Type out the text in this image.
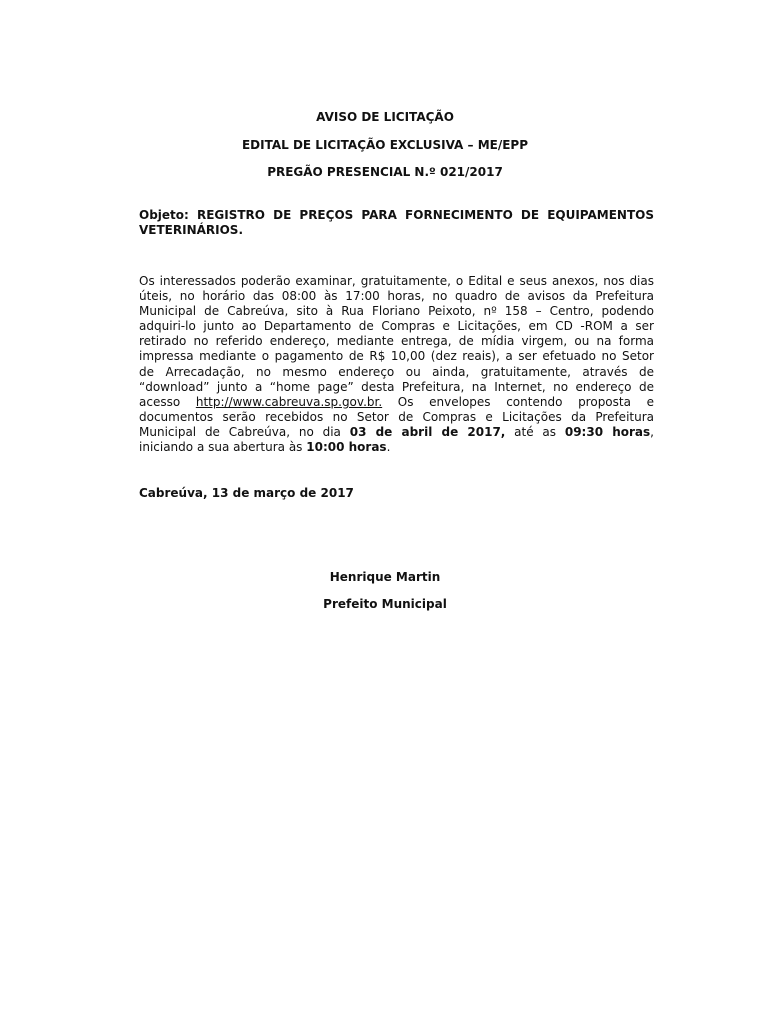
AVISO DE LICITAÇÃO
EDITAL DE LICITAÇÃO EXCLUSIVA – ME/EPP
PREGÃO PRESENCIAL N.º 021/2017
Objeto: REGISTRO DE PREÇOS PARA FORNECIMENTO DE EQUIPAMENTOS
VETERINÁRIOS.
Os interessados poderão examinar, gratuitamente, o Edital e seus anexos, nos dias
úteis, no horário das 08:00 às 17:00 horas, no quadro de avisos da Prefeitura
Municipal de Cabreúva, sito à Rua Floriano Peixoto, nº 158 – Centro, podendo
adquiri-lo junto ao Departamento de Compras e Licitações, em CD -ROM a ser
retirado no referido endereço, mediante entrega, de mídia virgem, ou na forma
impressa mediante o pagamento de R$ 10,00 (dez reais), a ser efetuado no Setor
de Arrecadação, no mesmo endereço ou ainda, gratuitamente, através de
“download” junto a “home page” desta Prefeitura, na Internet, no endereço de
acesso http://www.cabreuva.sp.gov.br. Os envelopes contendo proposta e
documentos serão recebidos no Setor de Compras e Licitações da Prefeitura
Municipal de Cabreúva, no dia 03 de abril de 2017, até as 09:30 horas,
iniciando a sua abertura às 10:00 horas.
Cabreúva, 13 de março de 2017
Henrique Martin
Prefeito Municipal
